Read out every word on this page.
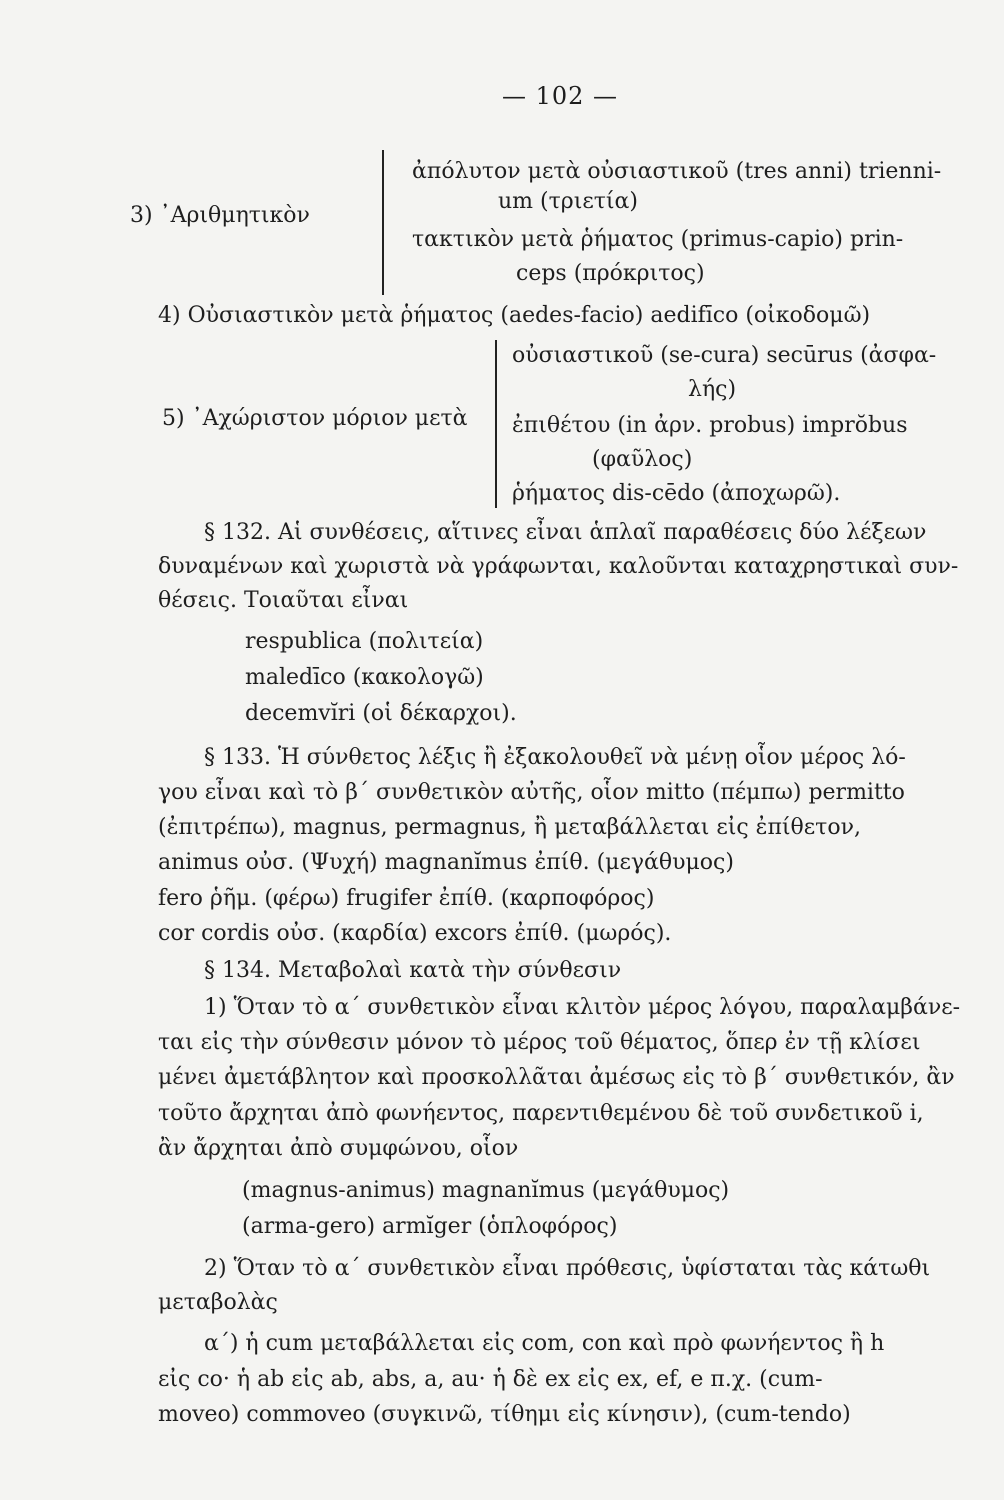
— 102 —
3) ᾿Αριθμητικὸν
ἀπόλυτον μετὰ οὐσιαστικοῦ (tres anni) trienni-
um (τριετία)
τακτικὸν μετὰ ῥήματος (primus-capio) prin-
ceps (πρόκριτος)
4) Οὐσιαστικὸν μετὰ ῥήματος (aedes-facio) aedifīco (οἰκοδομῶ)
5) ᾿Αχώριστον μόριον μετὰ
οὐσιαστικοῦ (se-cura) secūrus (ἀσφα-
λής)
ἐπιθέτου (in ἀρν. probus) imprŏbus
(φαῦλος)
ῥήματος dis-cēdo (ἀποχωρῶ).
§ 132. Αἱ συνθέσεις, αἵτινες εἶναι ἁπλαῖ παραθέσεις δύο λέξεων
δυναμένων καὶ χωριστὰ νὰ γράφωνται, καλοῦνται καταχρηστικαὶ συν-
θέσεις. Τοιαῦται εἶναι
respublica (πολιτεία)
maledīco (κακολογῶ)
decemvĭri (οἱ δέκαρχοι).
§ 133. Ἡ σύνθετος λέξις ἢ ἐξακολουθεῖ νὰ μένῃ οἷον μέρος λό-
γου εἶναι καὶ τὸ β΄ συνθετικὸν αὐτῆς, οἷον mitto (πέμπω) permitto
(ἐπιτρέπω), magnus, permagnus, ἢ μεταβάλλεται εἰς ἐπίθετον,
animus οὐσ. (Ψυχή) magnanĭmus ἐπίθ. (μεγάθυμος)
fero ῥῆμ. (φέρω) frugifer ἐπίθ. (καρποφόρος)
cor cordis οὐσ. (καρδία) excors ἐπίθ. (μωρός).
§ 134. Μεταβολαὶ κατὰ τὴν σύνθεσιν
1) Ὅταν τὸ α΄ συνθετικὸν εἶναι κλιτὸν μέρος λόγου, παραλαμβάνε-
ται εἰς τὴν σύνθεσιν μόνον τὸ μέρος τοῦ θέματος, ὅπερ ἐν τῇ κλίσει
μένει ἀμετάβλητον καὶ προσκολλᾶται ἀμέσως εἰς τὸ β΄ συνθετικόν, ἂν
τοῦτο ἄρχηται ἀπὸ φωνήεντος, παρεντιθεμένου δὲ τοῦ συνδετικοῦ i,
ἂν ἄρχηται ἀπὸ συμφώνου, οἷον
(magnus-animus) magnanĭmus (μεγάθυμος)
(arma-gero) armĭger (ὁπλοφόρος)
2) Ὅταν τὸ α΄ συνθετικὸν εἶναι πρόθεσις, ὑφίσταται τὰς κάτωθι
μεταβολὰς
α΄) ἡ cum μεταβάλλεται εἰς com, con καὶ πρὸ φωνήεντος ἢ h
εἰς co· ἡ ab εἰς ab, abs, a, au· ἡ δὲ ex εἰς ex, ef, e π.χ. (cum-
moveo) commoveo (συγκινῶ, τίθημι εἰς κίνησιν), (cum-tendo)
